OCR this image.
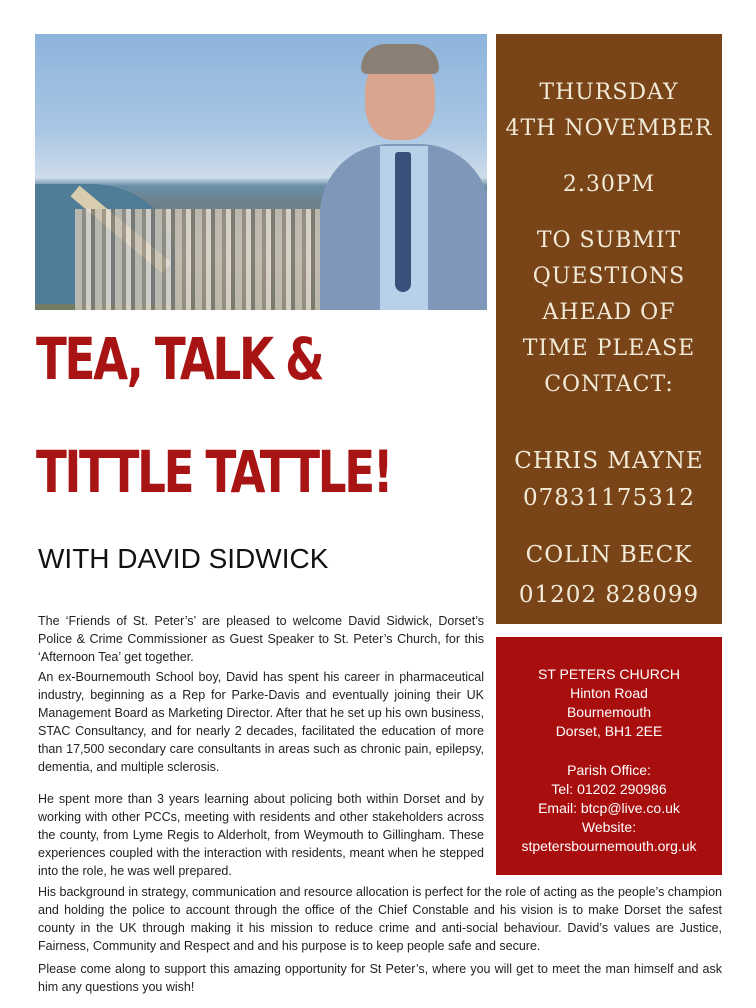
THURSDAY
4TH NOVEMBER
2.30PM
TO SUBMIT
QUESTIONS
AHEAD OF
TIME PLEASE
CONTACT:
CHRIS MAYNE
07831175312
COLIN BECK
01202 828099
TEA, TALK &
TITTLE TATTLE!
WITH DAVID SIDWICK
ST PETERS CHURCH
Hinton Road
Bournemouth
Dorset, BH1 2EE
Parish Office:
Tel: 01202 290986
Email: btcp@live.co.uk
Website:
stpetersbournemouth.org.uk
The ‘Friends of St. Peter’s’ are pleased to welcome David Sidwick, Dorset’s Police & Crime Commissioner as Guest Speaker to St. Peter’s Church, for this ‘Afternoon Tea’ get together.
An ex-Bournemouth School boy, David has spent his career in pharmaceutical industry, beginning as a Rep for Parke-Davis and eventually joining their UK Management Board as Marketing Director. After that he set up his own business, STAC Consultancy, and for nearly 2 decades, facilitated the education of more than 17,500 secondary care consultants in areas such as chronic pain, epilepsy, dementia, and multiple sclerosis.
He spent more than 3 years learning about policing both within Dorset and by working with other PCCs, meeting with residents and other stakeholders across the county, from Lyme Regis to Alderholt, from Weymouth to Gillingham. These experiences coupled with the interaction with residents, meant when he stepped into the role, he was well prepared.
His background in strategy, communication and resource allocation is perfect for the role of acting as the people’s champion and holding the police to account through the office of the Chief Constable and his vision is to make Dorset the safest county in the UK through making it his mission to reduce crime and anti-social behaviour. David’s values are Justice, Fairness, Community and Respect and and his purpose is to keep people safe and secure.
Please come along to support this amazing opportunity for St Peter’s, where you will get to meet the man himself and ask him any questions you wish!
